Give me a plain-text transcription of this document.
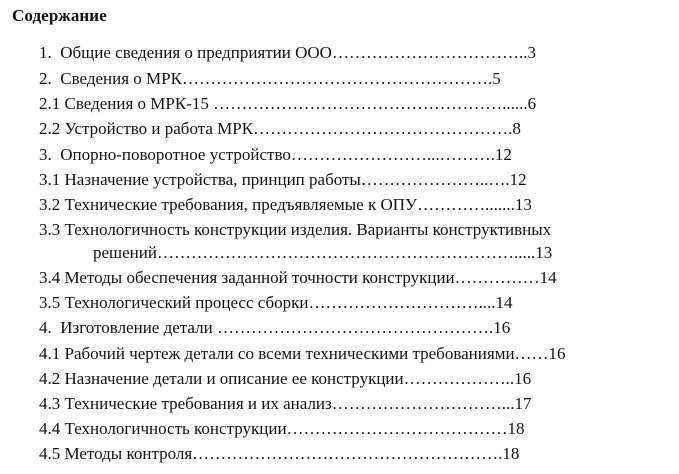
Содержание
1.  Общие сведения о предприятии ООО……………………………..3
2.  Сведения о МРК……………………………………………….5
2.1 Сведения о МРК-15 ……………………………………………......6
2.2 Устройство и работа МРК……………………………………….8
3.  Опорно-поворотное устройство……………………...……….12
3.1 Назначение устройства, принцип работы…………………..….12
3.2 Технические требования, предъявляемые к ОПУ………….......13
3.3 Технологичность конструкции изделия. Варианты конструктивных
решений……………………………………………………….....13
3.4 Методы обеспечения заданной точности конструкции……………14
3.5 Технологический процесс сборки…………………………....14
4.  Изготовление детали ………………………………………….16
4.1 Рабочий чертеж детали со всеми техническими требованиями……16
4.2 Назначение детали и описание ее конструкции………………..16
4.3 Технические требования и их анализ…………………………...17
4.4 Технологичность конструкции…………………………………18
4.5 Методы контроля……………………………………………….18
